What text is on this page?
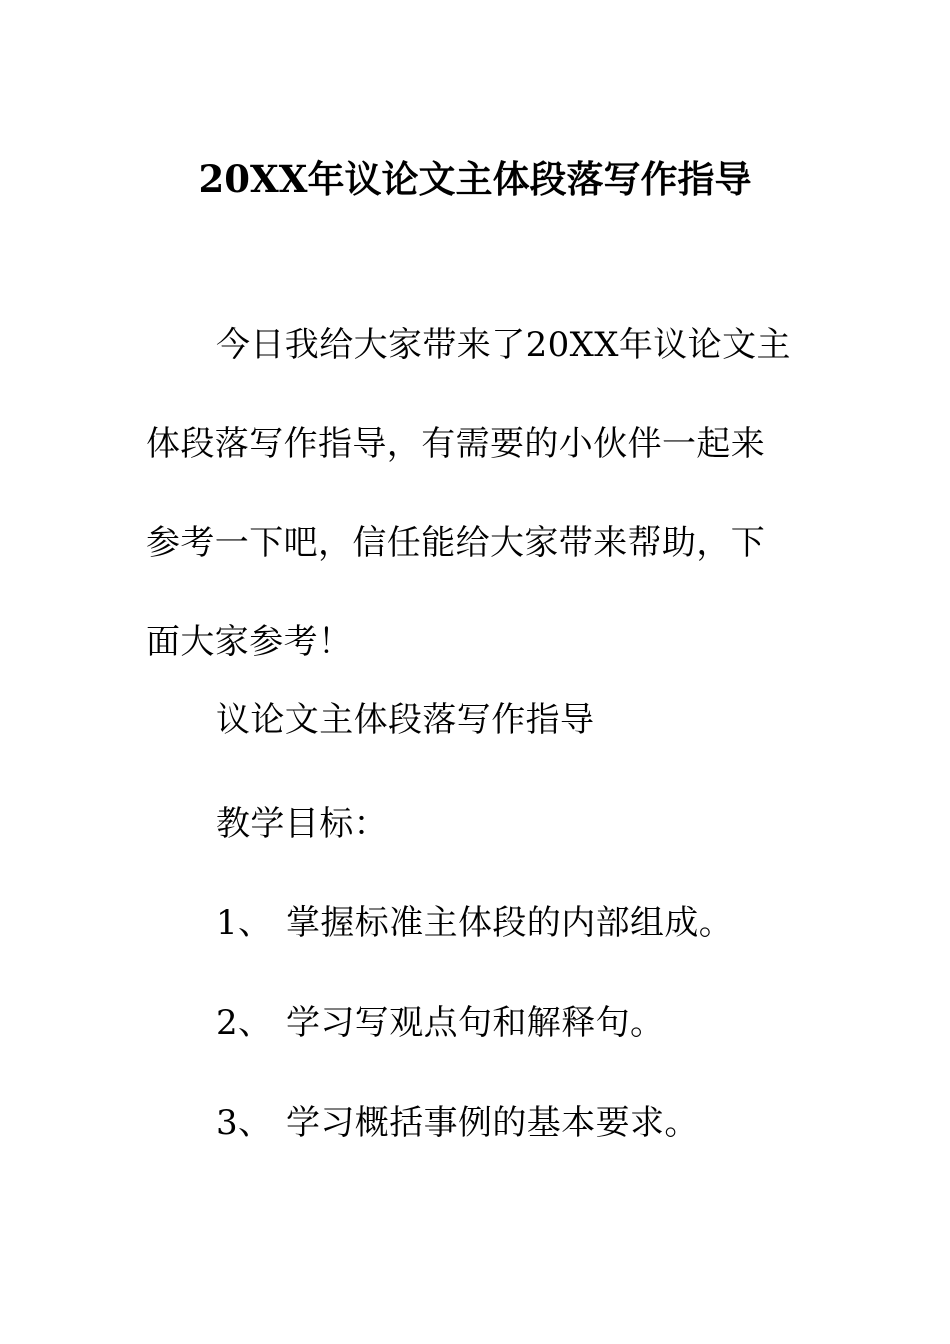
20XX年议论文主体段落写作指导

今日我给大家带来了20XX年议论文主体段落写作指导，有需要的小伙伴一起来参考一下吧，信任能给大家带来帮助，下面大家参考！

议论文主体段落写作指导

教学目标：

1、 掌握标准主体段的内部组成。

2、 学习写观点句和解释句。

3、 学习概括事例的基本要求。
